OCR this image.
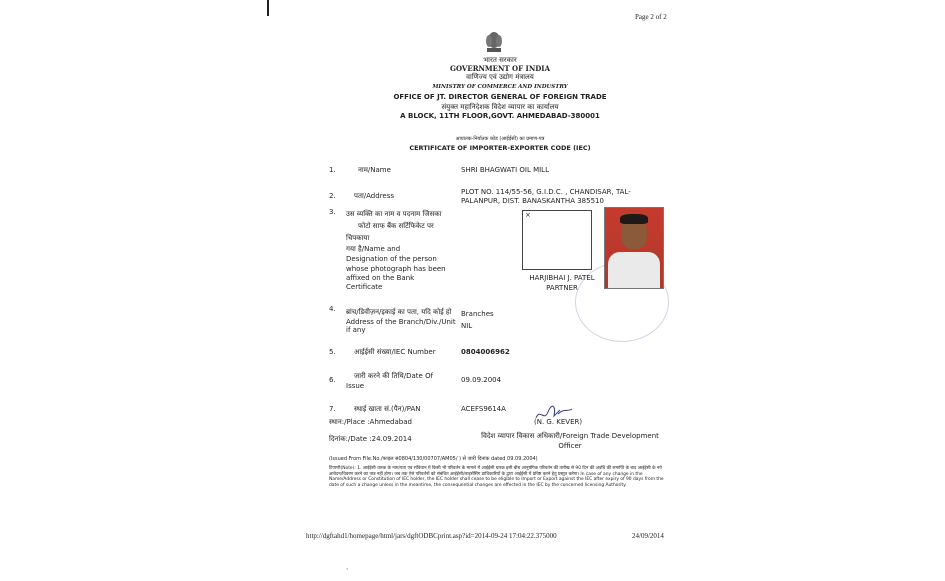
Page 2 of 2
भारत सरकार
GOVERNMENT OF INDIA
वाणिज्य एवं उद्योग मंत्रालय
MINISTRY OF COMMERCE AND INDUSTRY
OFFICE OF JT. DIRECTOR GENERAL OF FOREIGN TRADE
संयुक्त महानिदेशक विदेश व्यापार का कार्यालय
A BLOCK, 11TH FLOOR,GOVT. AHMEDABAD-380001
आयातक-निर्यातक कोड (आईईसी) का प्रमाण-पत्र
CERTIFICATE OF IMPORTER-EXPORTER CODE (IEC)
1.	नाम/Name	SHRI BHAGWATI OIL MILL
2.	पता/Address	PLOT NO. 114/55-56, G.I.D.C. , CHANDISAR, TAL-
PALANPUR, DIST. BANASKANTHA 385510
3. उस व्यक्ति का नाम व पदनाम जिसका
फोटो साफ बैंक सर्टिफिकेट पर
चिपकाया
गया है/Name and
Designation of the person
whose photograph has been
affixed on the Bank
Certificate
×
HARJIBHAI J. PATEL
PARTNER
4. ब्रांच/डिवीज़न/इकाई का पता, यदि कोई हो
Address of the Branch/Div./Unit
if any
Branches
NIL
5.	आईईसी संख्या/IEC Number	0804006962
6.	जारी करने की तिथि/Date Of
Issue
09.09.2004
7.	स्थाई खाता सं.(पैन)/PAN	ACEFS9614A
स्थान:/Place :Ahmedabad
दिनांक:/Date :24.09.2014
(N. G. KEVER)
विदेश व्यापार विकास अधिकारी/Foreign Trade Development
Officer
(Issued From File.No./फाइल सं0804/130/00707/AM05/ ) से जारी दिनांक dated 09.09.2004)
टिप्पणी(Note): 1. आईईसी धारक के नाम/पता एवं संविधान में किसी भी परिवर्तन के मामले में आईईसी धारक इसी बीच आनुषंगिक परिवर्तन की तारीख से 90 दिन की अवधि की समाप्ति के बाद आईईसी के नये आवेदन/विवरण करने का पात्र नहीं होगा। जब तक ऐसे परिवर्तनों को संबंधित आईईसी/लाइसेंसिंग प्राधिकारियों के द्वारा आईईसी में प्रविष्ट करने हेतु प्रस्तुत करेगा। In case of any change in the Name/Address or Constitution of IEC holder, the IEC holder shall cease to be eligible to Import or Export against the IEC after expiry of 90 days from the date of such a change unless in the meantime, the consequential changes are effected in the IEC by the concerned licensing Authority.
http://dgftahd1/homepage/html/jars/dgftODBCprint.asp?id=2014-09-24 17:04:22.375000	24/09/2014
ˇ
